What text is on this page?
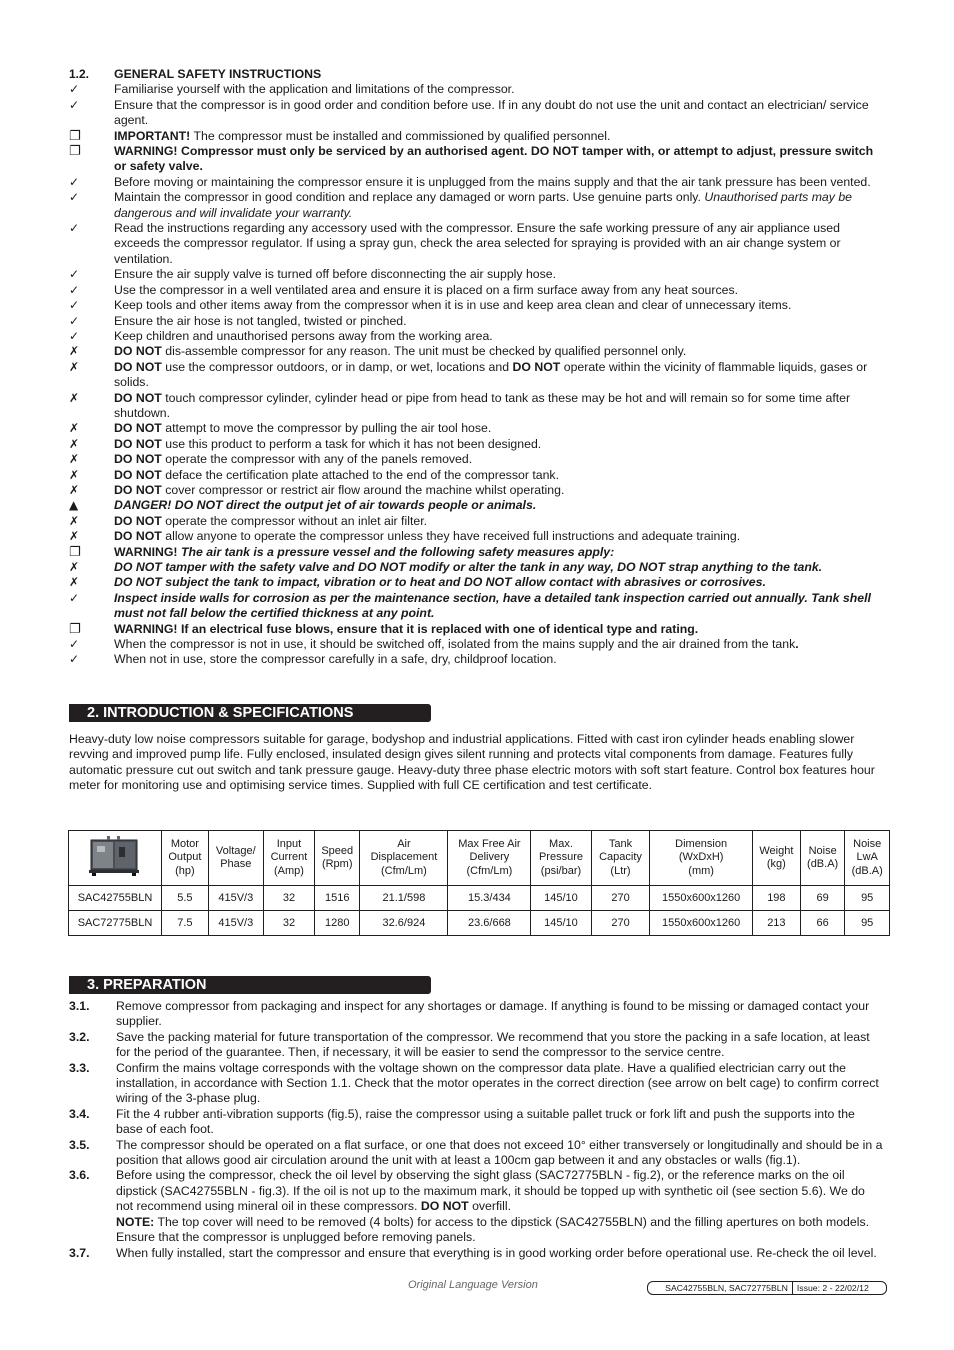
1.2.	GENERAL SAFETY INSTRUCTIONS
✓	Familiarise yourself with the application and limitations of the compressor.
✓	Ensure that the compressor is in good order and condition before use. If in any doubt do not use the unit and contact an electrician/ service agent.
❐	IMPORTANT! The compressor must be installed and commissioned by qualified personnel.
❐	WARNING! Compressor must only be serviced by an authorised agent. DO NOT tamper with, or attempt to adjust, pressure switch or safety valve.
✓	Before moving or maintaining the compressor ensure it is unplugged from the mains supply and that the air tank pressure has been vented.
✓	Maintain the compressor in good condition and replace any damaged or worn parts. Use genuine parts only. Unauthorised parts may be dangerous and will invalidate your warranty.
✓	Read the instructions regarding any accessory used with the compressor. Ensure the safe working pressure of any air appliance used exceeds the compressor regulator. If using a spray gun, check the area selected for spraying is provided with an air change system or ventilation.
✓	Ensure the air supply valve is turned off before disconnecting the air supply hose.
✓	Use the compressor in a well ventilated area and ensure it is placed on a firm surface away from any heat sources.
✓	Keep tools and other items away from the compressor when it is in use and keep area clean and clear of unnecessary items.
✓	Ensure the air hose is not tangled, twisted or pinched.
✓	Keep children and unauthorised persons away from the working area.
✗	DO NOT dis-assemble compressor for any reason. The unit must be checked by qualified personnel only.
✗	DO NOT use the compressor outdoors, or in damp, or wet, locations and DO NOT operate within the vicinity of flammable liquids, gases or solids.
✗	DO NOT touch compressor cylinder, cylinder head or pipe from head to tank as these may be hot and will remain so for some time after shutdown.
✗	DO NOT attempt to move the compressor by pulling the air tool hose.
✗	DO NOT use this product to perform a task for which it has not been designed.
✗	DO NOT operate the compressor with any of the panels removed.
✗	DO NOT deface the certification plate attached to the end of the compressor tank.
✗	DO NOT cover compressor or restrict air flow around the machine whilst operating.
▲	DANGER! DO NOT direct the output jet of air towards people or animals.
✗	DO NOT operate the compressor without an inlet air filter.
✗	DO NOT allow anyone to operate the compressor unless they have received full instructions and adequate training.
❐	WARNING! The air tank is a pressure vessel and the following safety measures apply:
✗	DO NOT tamper with the safety valve and DO NOT modify or alter the tank in any way, DO NOT strap anything to the tank.
✗	DO NOT subject the tank to impact, vibration or to heat and DO NOT allow contact with abrasives or corrosives.
✓	Inspect inside walls for corrosion as per the maintenance section, have a detailed tank inspection carried out annually. Tank shell must not fall below the certified thickness at any point.
❐	WARNING! If an electrical fuse blows, ensure that it is replaced with one of identical type and rating.
✓	When the compressor is not in use, it should be switched off, isolated from the mains supply and the air drained from the tank.
✓	When not in use, store the compressor carefully in a safe, dry, childproof location.
2. INTRODUCTION & SPECIFICATIONS
Heavy-duty low noise compressors suitable for garage, bodyshop and industrial applications. Fitted with cast iron cylinder heads enabling slower revving and improved pump life. Fully enclosed, insulated design gives silent running and protects vital components from damage. Features fully automatic pressure cut out switch and tank pressure gauge. Heavy-duty three phase electric motors with soft start feature. Control box features hour meter for monitoring use and optimising service times. Supplied with full CE certification and test certificate.
	Motor
Output
(hp)	Voltage/
Phase	Input
Current
(Amp)	Speed
(Rpm)	Air
Displacement
(Cfm/Lm)	Max Free Air
Delivery
(Cfm/Lm)	Max.
Pressure
(psi/bar)	Tank
Capacity
(Ltr)	Dimension
(WxDxH)
(mm)	Weight
(kg)	Noise
(dB.A)	Noise
LwA
(dB.A)
SAC42755BLN	5.5	415V/3	32	1516	21.1/598	15.3/434	145/10	270	1550x600x1260	198	69	95
SAC72775BLN	7.5	415V/3	32	1280	32.6/924	23.6/668	145/10	270	1550x600x1260	213	66	95
3. PREPARATION
3.1.	Remove compressor from packaging and inspect for any shortages or damage. If anything is found to be missing or damaged contact your supplier.
3.2.	Save the packing material for future transportation of the compressor. We recommend that you store the packing in a safe location, at least for the period of the guarantee. Then, if necessary, it will be easier to send the compressor to the service centre.
3.3.	Confirm the mains voltage corresponds with the voltage shown on the compressor data plate. Have a qualified electrician carry out the installation, in accordance with Section 1.1. Check that the motor operates in the correct direction (see arrow on belt cage) to confirm correct wiring of the 3-phase plug.
3.4.	Fit the 4 rubber anti-vibration supports (fig.5), raise the compressor using a suitable pallet truck or fork lift and push the supports into the base of each foot.
3.5.	The compressor should be operated on a flat surface, or one that does not exceed 10° either transversely or longitudinally and should be in a position that allows good air circulation around the unit with at least a 100cm gap between it and any obstacles or walls (fig.1).
3.6.	Before using the compressor, check the oil level by observing the sight glass (SAC72775BLN - fig.2), or the reference marks on the oil dipstick (SAC42755BLN - fig.3). If the oil is not up to the maximum mark, it should be topped up with synthetic oil (see section 5.6). We do not recommend using mineral oil in these compressors. DO NOT overfill.
NOTE: The top cover will need to be removed (4 bolts) for access to the dipstick (SAC42755BLN) and the filling apertures on both models. Ensure that the compressor is unplugged before removing panels.
3.7.	When fully installed, start the compressor and ensure that everything is in good working order before operational use. Re-check the oil level.
Original Language Version	SAC42755BLN, SAC72775BLN Issue: 2 - 22/02/12
